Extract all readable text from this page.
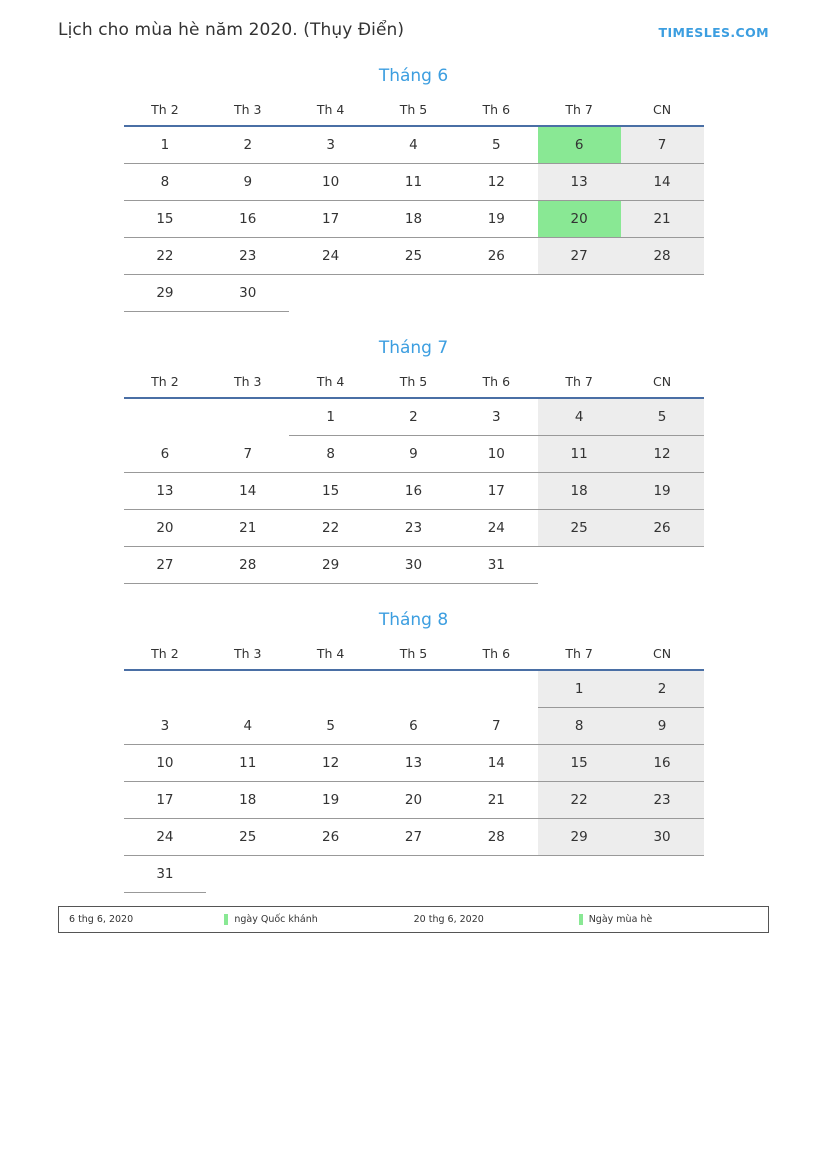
Lịch cho mùa hè năm 2020. (Thụy Điển)	TIMESLES.COM
Tháng 6
Th 2	Th 3	Th 4	Th 5	Th 6	Th 7	CN
1	2	3	4	5	6	7
8	9	10	11	12	13	14
15	16	17	18	19	20	21
22	23	24	25	26	27	28
29	30					
Tháng 7
Th 2	Th 3	Th 4	Th 5	Th 6	Th 7	CN
		1	2	3	4	5
6	7	8	9	10	11	12
13	14	15	16	17	18	19
20	21	22	23	24	25	26
27	28	29	30	31		
Tháng 8
Th 2	Th 3	Th 4	Th 5	Th 6	Th 7	CN
					1	2
3	4	5	6	7	8	9
10	11	12	13	14	15	16
17	18	19	20	21	22	23
24	25	26	27	28	29	30
31						
6 thg 6, 2020	ngày Quốc khánh	20 thg 6, 2020	Ngày mùa hè
